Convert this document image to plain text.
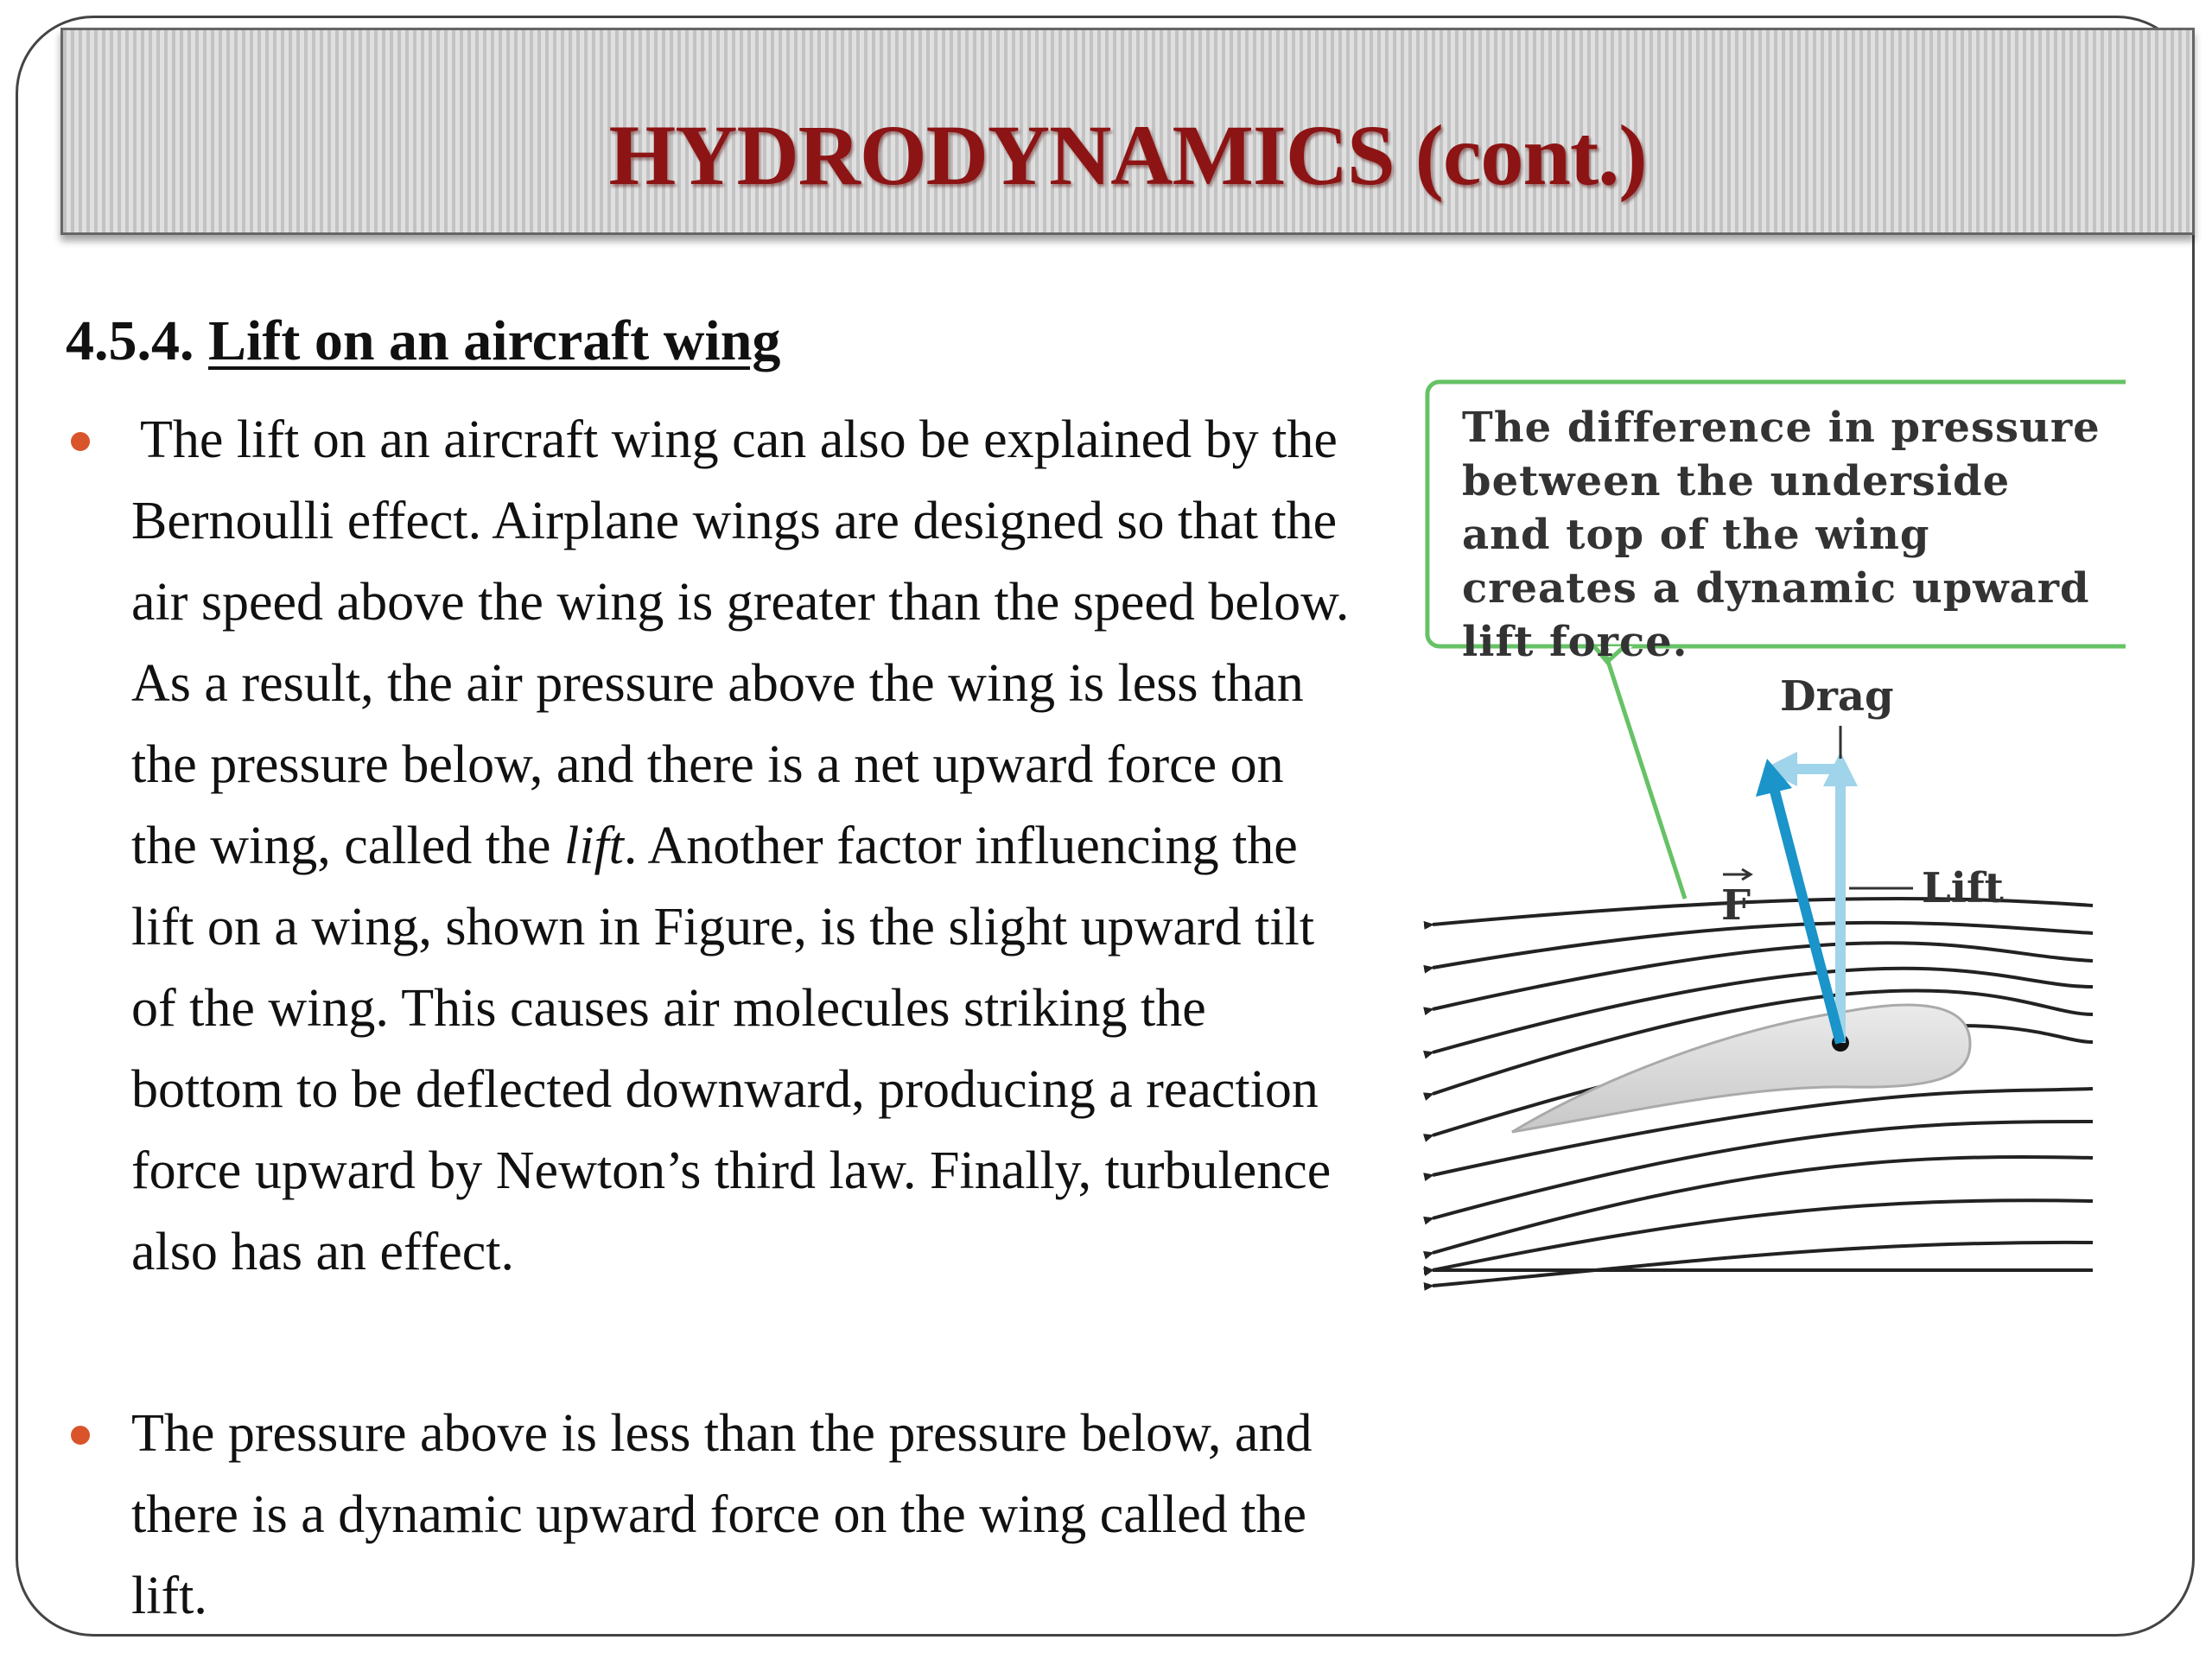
HYDRODYNAMICS (cont.)
4.5.4. Lift on an aircraft wing
The lift on an aircraft wing can also be explained by the Bernoulli effect. Airplane wings are designed so that the air speed above the wing is greater than the speed below. As a result, the air pressure above the wing is less than the pressure below, and there is a net upward force on the wing, called the lift. Another factor influencing the lift on a wing, shown in Figure, is the slight upward tilt of the wing. This causes air molecules striking the bottom to be deflected downward, producing a reaction force upward by Newton’s third law. Finally, turbulence also has an effect.
The pressure above is less than the pressure below, and there is a dynamic upward force on the wing called the lift.
Drag
Lift
F
The difference in pressure between the underside and top of the wing creates a dynamic upward lift force.
